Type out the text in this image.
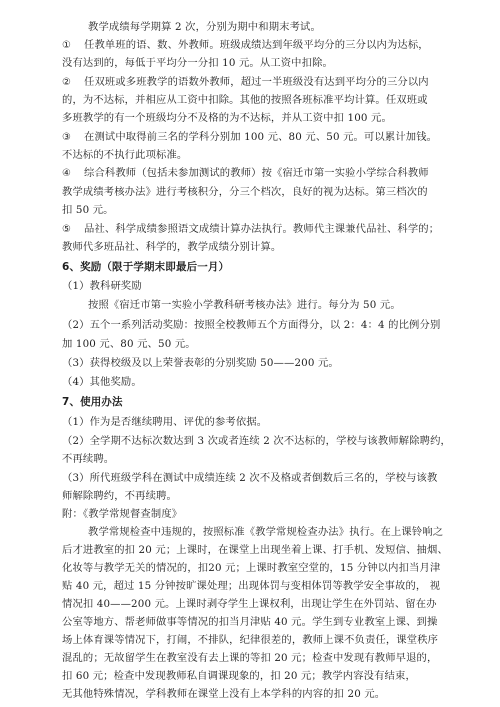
教学成绩每学期算 2 次，分别为期中和期末考试。
① 任教单班的语、数、外教师。班级成绩达到年级平均分的三分以内为达标，
没有达到的，每低于平均分一分扣 10 元。从工资中扣除。
② 任双班或多班教学的语数外教师，超过一半班级没有达到平均分的三分以内
的，为不达标，并相应从工资中扣除。其他的按照各班标准平均计算。任双班或
多班教学的有一个班级均分不及格的为不达标，并从工资中扣 100 元。
③ 在测试中取得前三名的学科分别加 100 元、80 元、50 元。可以累计加钱。
不达标的不执行此项标准。
④ 综合科教师（包括未参加测试的教师）按《宿迁市第一实验小学综合科教师
教学成绩考核办法》进行考核积分，分三个档次，良好的视为达标。第三档次的
扣 50 元。
⑤ 品社、科学成绩参照语文成绩计算办法执行。教师代主课兼代品社、科学的；
教师代多班品社、科学的，教学成绩分别计算。
6、奖励（限于学期末即最后一月）
（1）教科研奖励
按照《宿迁市第一实验小学教科研考核办法》进行。每分为 50 元。
（2）五个一系列活动奖励：按照全校教师五个方面得分，以 2：4：4 的比例分别
加 100 元、80 元、50 元。
（3）获得校级及以上荣誉表彰的分别奖励 50——200 元。
（4）其他奖励。
7、使用办法
（1）作为是否继续聘用、评优的参考依据。
（2）全学期不达标次数达到 3 次或者连续 2 次不达标的，学校与该教师解除聘约，
不再续聘。
（3）所代班级学科在测试中成绩连续 2 次不及格或者倒数后三名的，学校与该教
师解除聘约，不再续聘。
附：《教学常规督查制度》
教学常规检查中违规的，按照标准《教学常规检查办法》执行。在上课铃响之
后才进教室的扣 20 元；上课时，在课堂上出现坐着上课、打手机、发短信、抽烟、
化妆等与教学无关的情况的，扣20 元；上课时教室空堂的，15 分钟以内扣当月津
贴 40 元，超过 15 分钟按旷课处理；出现体罚与变相体罚等教学安全事故的， 视
情况扣 40——200 元。上课时剥夺学生上课权利，出现让学生在外罚站、留在办
公室等地方、帮老师做事等情况的扣当月津贴 40 元。学生到专业教室上课、到操
场上体育课等情况下，打闹，不排队，纪律很差的，教师上课不负责任，课堂秩序
混乱的；无故留学生在教室没有去上课的等扣 20 元；检查中发现有教师早退的，
扣 60 元；检查中发现教师私自调课现象的，扣 20 元；教学内容没有结束，
无其他特殊情况，学科教师在课堂上没有上本学科的内容的扣 20 元。
